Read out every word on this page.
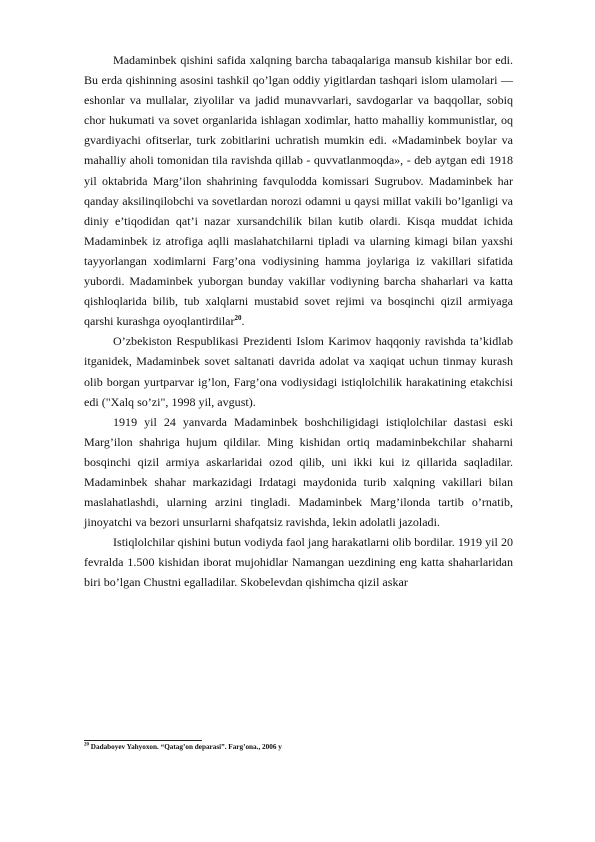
Madaminbek qishini safida xalqning barcha tabaqalariga mansub kishilar bor edi. Bu erda qishinning asosini tashkil qo’lgan oddiy yigitlardan tashqari islom ulamolari — eshonlar va mullalar, ziyolilar va jadid munavvarlari, savdogarlar va baqqollar, sobiq chor hukumati va sovet organlarida ishlagan xodimlar, hatto mahalliy kommunistlar, oq gvardiyachi ofitserlar, turk zobitlarini uchratish mumkin edi. «Madaminbek boylar va mahalliy aholi tomonidan tila ravishda qillab - quvvatlanmoqda», - deb aytgan edi 1918 yil oktabrida Marg’ilon shahrining favqulodda komissari Sugrubov. Madaminbek har qanday aksilinqilobchi va sovetlardan norozi odamni u qaysi millat vakili bo’lganligi va diniy e’tiqodidan qat’i nazar xursandchilik bilan kutib olardi. Kisqa muddat ichida Madaminbek iz atrofiga aqlli maslahatchilarni tipladi va ularning kimagi bilan yaxshi tayyorlangan xodimlarni Farg’ona vodiysining hamma joylariga iz vakillari sifatida yubordi. Madaminbek yuborgan bunday vakillar vodiyning barcha shaharlari va katta qishloqlarida bilib, tub xalqlarni mustabid sovet rejimi va bosqinchi qizil armiyaga qarshi kurashga oyoqlantirdilar$^{20}$.

O’zbekiston Respublikasi Prezidenti Islom Karimov haqqoniy ravishda ta’kidlab itganidek, Madaminbek sovet saltanati davrida adolat va xaqiqat uchun tinmay kurash olib borgan yurtparvar ig’lon, Farg’ona vodiysidagi istiqlolchilik harakatining etakchisi edi ("Xalq so’zi", 1998 yil, avgust).

1919 yil 24 yanvarda Madaminbek boshchiligidagi istiqlolchilar dastasi eski Marg’ilon shahriga hujum qildilar. Ming kishidan ortiq madaminbekchilar shaharni bosqinchi qizil armiya askarlaridai ozod qilib, uni ikki kui iz qillarida saqladilar. Madaminbek shahar markazidagi Irdatagi maydonida turib xalqning vakillari bilan maslahatlashdi, ularning arzini tingladi. Madaminbek Marg’ilonda tartib o’rnatib, jinoyatchi va bezori unsurlarni shafqatsiz ravishda, lekin adolatli jazoladi.

Istiqlolchilar qishini butun vodiyda faol jang harakatlarni olib bordilar. 1919 yil 20 fevralda 1.500 kishidan iborat mujohidlar Namangan uezdining eng katta shaharlaridan biri bo’lgan Chustni egalladilar. Skobelevdan qishimcha qizil askar

$^{20}$ Dadaboyev Yahyoxon. “Qatag’on deparasi”. Farg’ona., 2006 y
